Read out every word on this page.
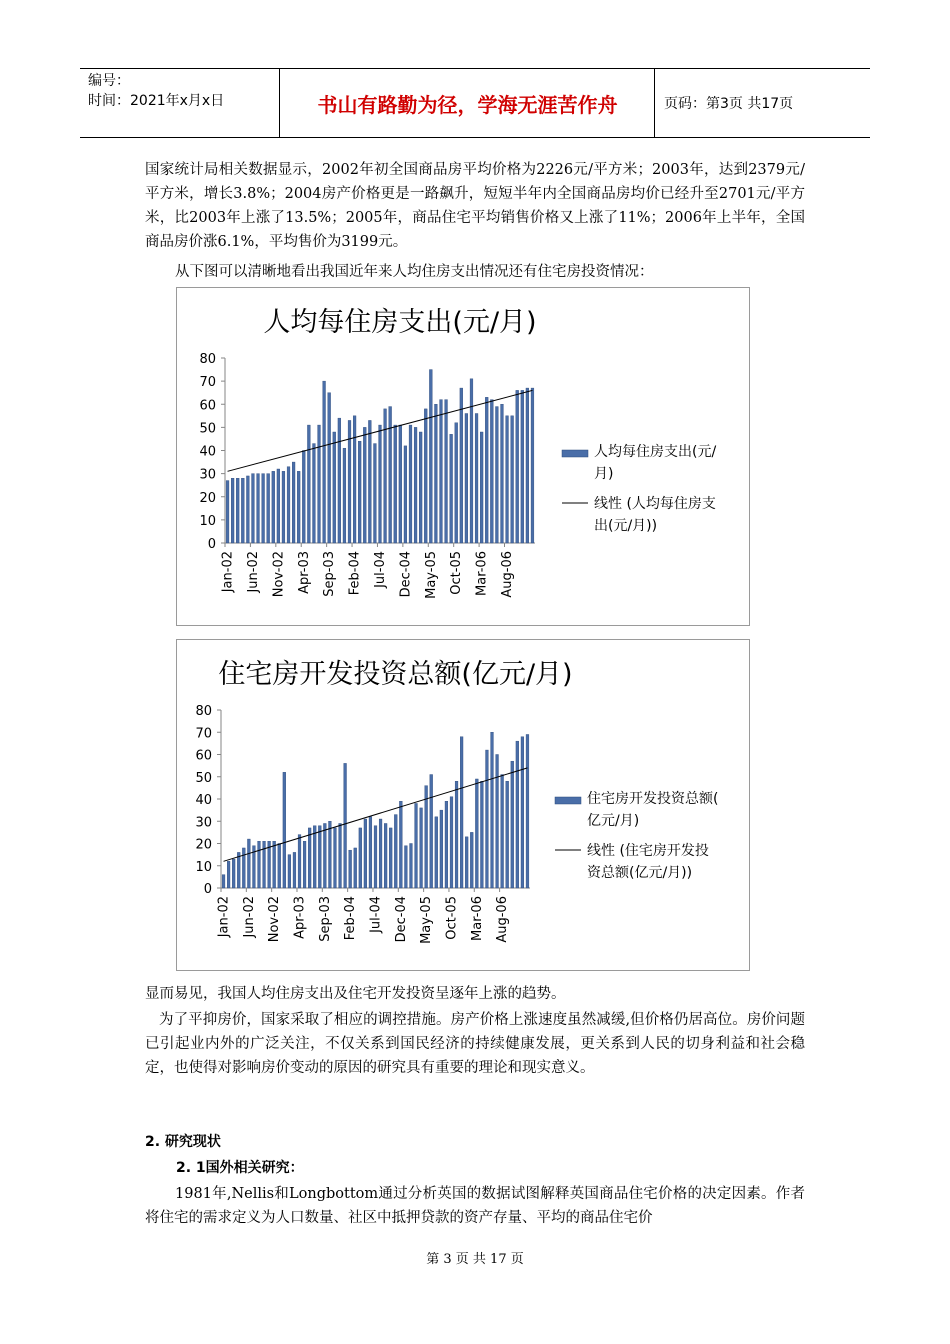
编号：
时间：2021年x月x日	书山有路勤为径，学海无涯苦作舟	页码：第3页 共17页
国家统计局相关数据显示，2002年初全国商品房平均价格为2226元/平方米；2003年，达到2379元/平方米，增长3.8%；2004房产价格更是一路飙升，短短半年内全国商品房均价已经升至2701元/平方米，比2003年上涨了13.5%；2005年，商品住宅平均销售价格又上涨了11%；2006年上半年，全国商品房价涨6.1%，平均售价为3199元。
从下图可以清晰地看出我国近年来人均住房支出情况还有住宅房投资情况：
人均每住房支出(元/月)
0
10
20
30
40
50
60
70
80
Jan-02 Jun-02 Nov-02 Apr-03 Sep-03 Feb-04 Jul-04 Dec-04 May-05 Oct-05 Mar-06 Aug-06
人均每住房支出(元/
月)
线性 (人均每住房支
出(元/月))
住宅房开发投资总额(亿元/月)
0
10
20
30
40
50
60
70
80
Jan-02 Jun-02 Nov-02 Apr-03 Sep-03 Feb-04 Jul-04 Dec-04 May-05 Oct-05 Mar-06 Aug-06
住宅房开发投资总额(
亿元/月)
线性 (住宅房开发投
资总额(亿元/月))
显而易见，我国人均住房支出及住宅开发投资呈逐年上涨的趋势。
为了平抑房价，国家采取了相应的调控措施。房产价格上涨速度虽然减缓,但价格仍居高位。房价问题已引起业内外的广泛关注，不仅关系到国民经济的持续健康发展，更关系到人民的切身利益和社会稳定，也使得对影响房价变动的原因的研究具有重要的理论和现实意义。
2. 研究现状
2. 1国外相关研究：
1981年,Nellis和Longbottom通过分析英国的数据试图解释英国商品住宅价格的决定因素。作者将住宅的需求定义为人口数量、社区中抵押贷款的资产存量、平均的商品住宅价
第 3 页 共 17 页
